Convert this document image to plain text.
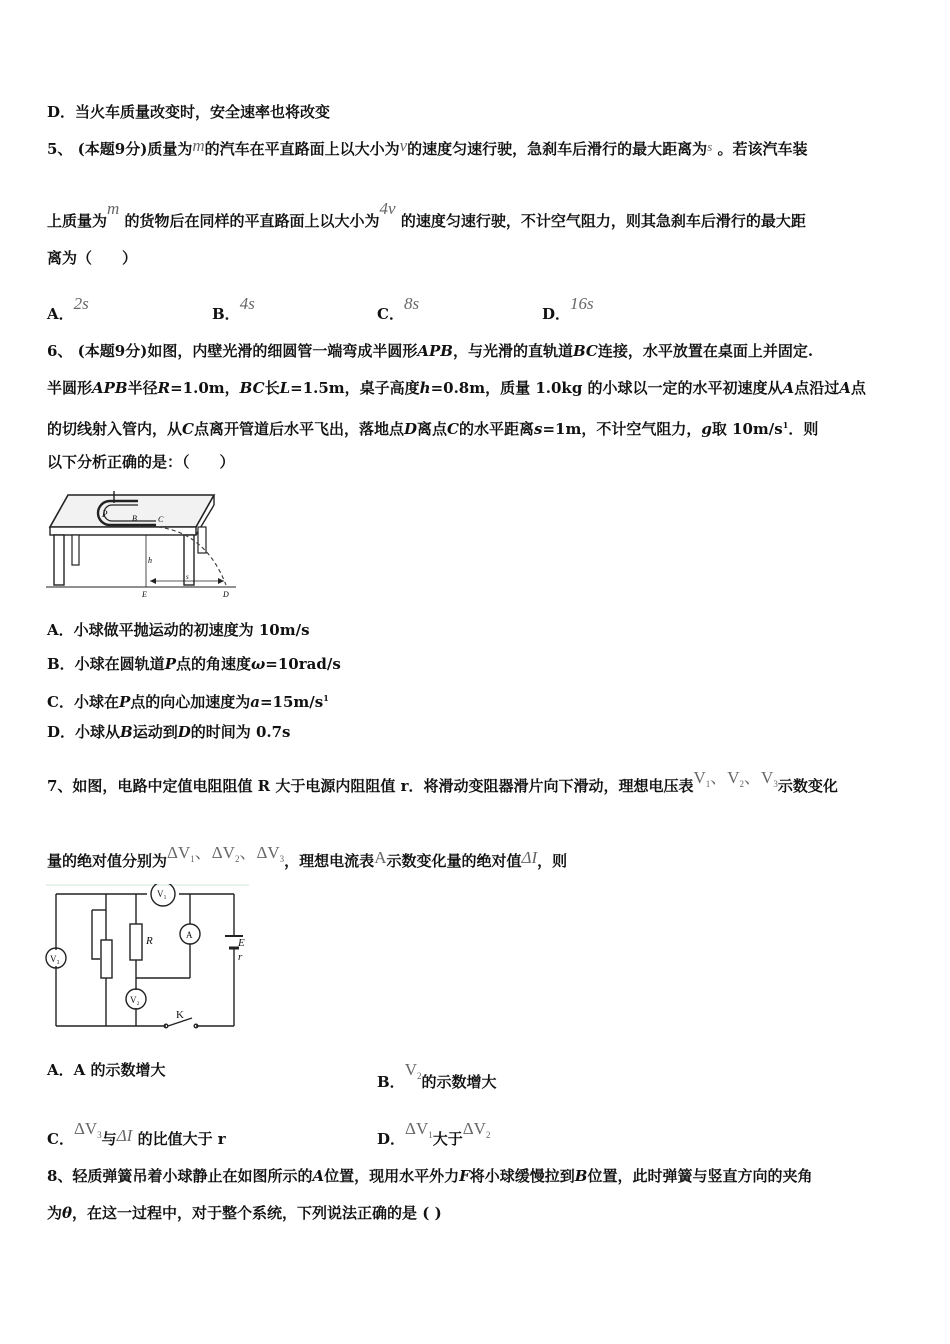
D．当火车质量改变时，安全速率也将改变
5、 (本题9分)质量为m的汽车在平直路面上以大小为v的速度匀速行驶，急刹车后滑行的最大距离为s 。若该汽车装
上质量为m 的货物后在同样的平直路面上以大小为4v 的速度匀速行驶，不计空气阻力，则其急刹车后滑行的最大距
离为（　　）
A．2s
B．4s
C．8s
D．16s
6、 (本题9分)如图，内壁光滑的细圆管一端弯成半圆形APB，与光滑的直轨道BC连接，水平放置在桌面上并固定.
半圆形APB半径R=1.0m，BC长L=1.5m，桌子高度h=0.8m，质量 1.0kg 的小球以一定的水平初速度从A点沿过A点
的切线射入管内，从C点离开管道后水平飞出，落地点D离点C的水平距离s=1m，不计空气阻力，g取 $10m/s^1$．则
以下分析正确的是：（　　）
P	B	C
h
E
s
D
A．小球做平抛运动的初速度为 10m/s
B．小球在圆轨道P点的角速度ω=10rad/s
C．小球在P点的向心加速度为$a=15m/s^1$
D．小球从B运动到D的时间为 0.7s
7、如图，电路中定值电阻阻值 R 大于电源内阻阻值 r．将滑动变阻器滑片向下滑动，理想电压表$V_1$、$V_2$、$V_3$示数变化
量的绝对值分别为$\Delta V_1$、$\Delta V_2$、$\Delta V_3$，理想电流表A示数变化量的绝对值ΔI，则
V₁
A
V₃
V₂
R	E
r
K
A．A 的示数增大
B．$V_2$的示数增大
C．$\Delta V_3$与ΔI 的比值大于 r	D．$\Delta V_1$大于$\Delta V_2$
8、轻质弹簧吊着小球静止在如图所示的A位置，现用水平外力F将小球缓慢拉到B位置，此时弹簧与竖直方向的夹角
为θ，在这一过程中，对于整个系统，下列说法正确的是 ( )
